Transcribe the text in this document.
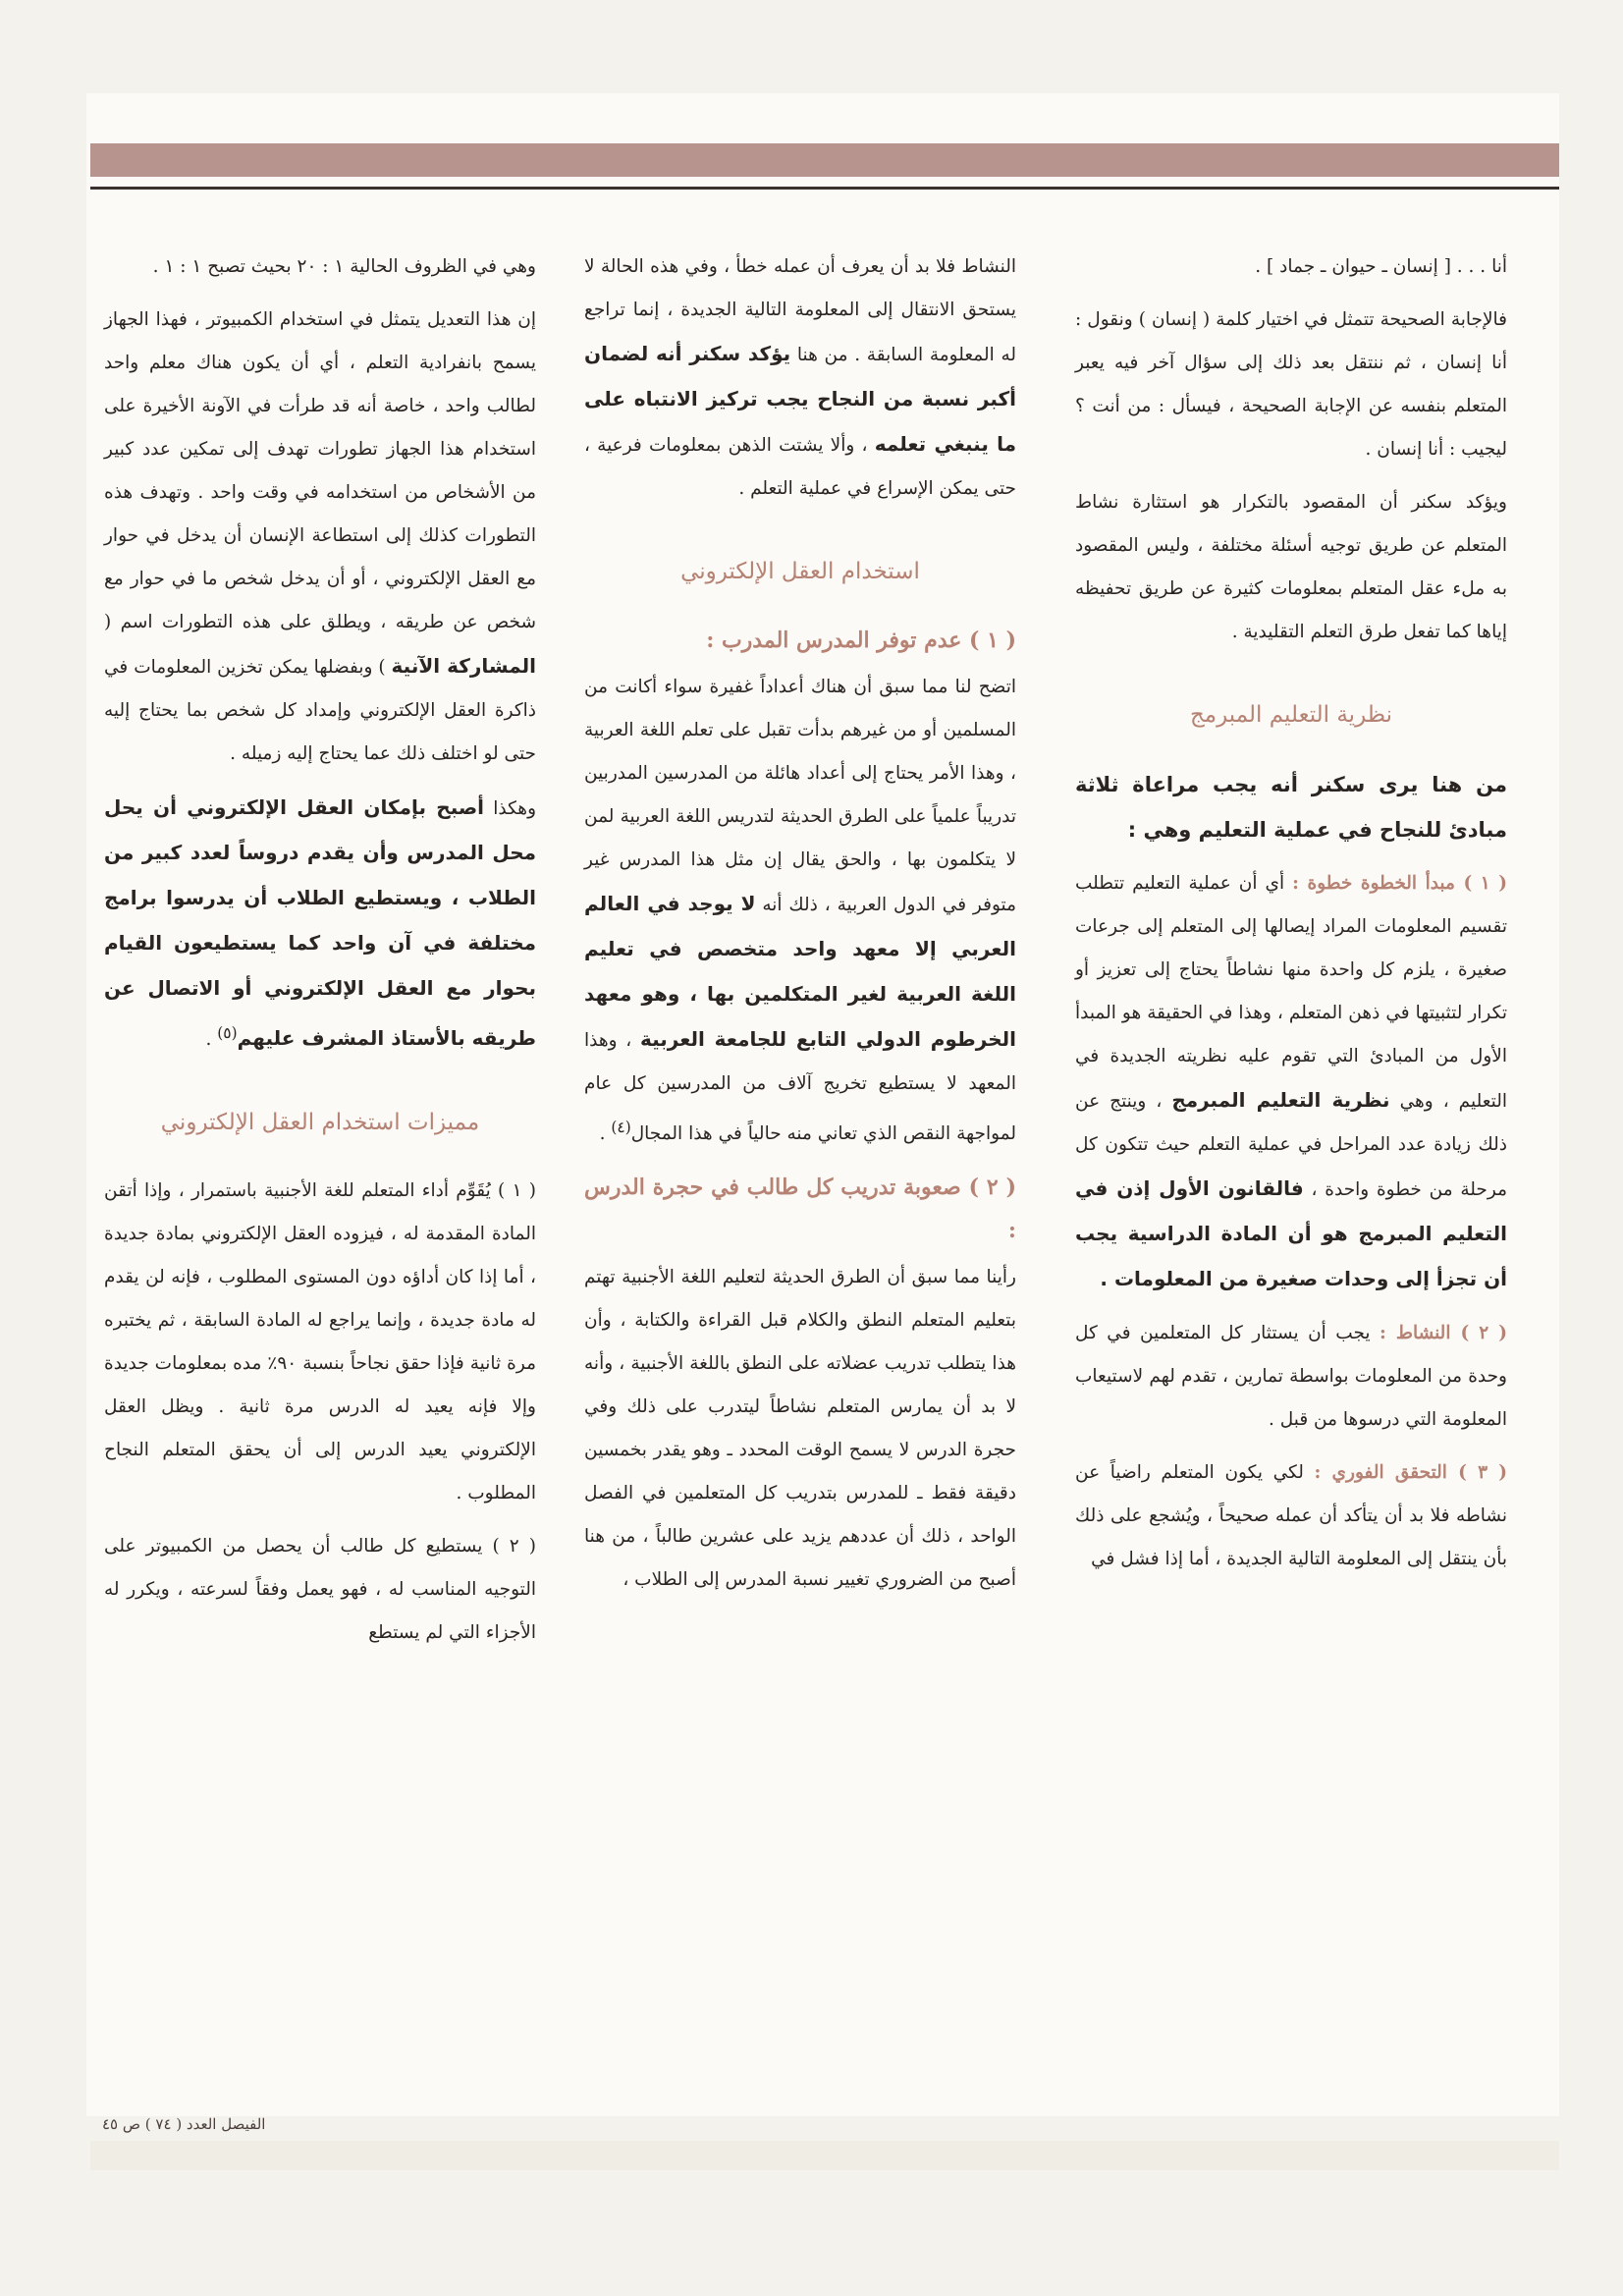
أنا . . . [ إنسان ـ حيوان ـ جماد ] .

فالإجابة الصحيحة تتمثل في اختيار كلمة ( إنسان ) ونقول : أنا إنسان ، ثم ننتقل بعد ذلك إلى سؤال آخر فيه يعبر المتعلم بنفسه عن الإجابة الصحيحة ، فيسأل : من أنت ؟ ليجيب : أنا إنسان .

ويؤكد سكنر أن المقصود بالتكرار هو استثارة نشاط المتعلم عن طريق توجيه أسئلة مختلفة ، وليس المقصود به ملء عقل المتعلم بمعلومات كثيرة عن طريق تحفيظه إياها كما تفعل طرق التعلم التقليدية .

نظرية التعليم المبرمج

من هنا يرى سكنر أنه يجب مراعاة ثلاثة مبادئ للنجاح في عملية التعليم وهي :

( ١ ) مبدأ الخطوة خطوة : أي أن عملية التعليم تتطلب تقسيم المعلومات المراد إيصالها إلى المتعلم إلى جرعات صغيرة ، يلزم كل واحدة منها نشاطاً يحتاج إلى تعزيز أو تكرار لتثبيتها في ذهن المتعلم ، وهذا في الحقيقة هو المبدأ الأول من المبادئ التي تقوم عليه نظريته الجديدة في التعليم ، وهي نظرية التعليم المبرمج ، وينتج عن ذلك زيادة عدد المراحل في عملية التعلم حيث تتكون كل مرحلة من خطوة واحدة ، فالقانون الأول إذن في التعليم المبرمج هو أن المادة الدراسية يجب أن تجزأ إلى وحدات صغيرة من المعلومات .

( ٢ ) النشاط : يجب أن يستثار كل المتعلمين في كل وحدة من المعلومات بواسطة تمارين ، تقدم لهم لاستيعاب المعلومة التي درسوها من قبل .

( ٣ ) التحقق الفوري : لكي يكون المتعلم راضياً عن نشاطه فلا بد أن يتأكد أن عمله صحيحاً ، ويُشجع على ذلك بأن ينتقل إلى المعلومة التالية الجديدة ، أما إذا فشل في

النشاط فلا بد أن يعرف أن عمله خطأ ، وفي هذه الحالة لا يستحق الانتقال إلى المعلومة التالية الجديدة ، إنما تراجع له المعلومة السابقة . من هنا يؤكد سكنر أنه لضمان أكبر نسبة من النجاح يجب تركيز الانتباه على ما ينبغي تعلمه ، وألا يشتت الذهن بمعلومات فرعية ، حتى يمكن الإسراع في عملية التعلم .

استخدام العقل الإلكتروني
( ١ ) عدم توفر المدرس المدرب :

اتضح لنا مما سبق أن هناك أعداداً غفيرة سواء أكانت من المسلمين أو من غيرهم بدأت تقبل على تعلم اللغة العربية ، وهذا الأمر يحتاج إلى أعداد هائلة من المدرسين المدربين تدريباً علمياً على الطرق الحديثة لتدريس اللغة العربية لمن لا يتكلمون بها ، والحق يقال إن مثل هذا المدرس غير متوفر في الدول العربية ، ذلك أنه لا يوجد في العالم العربي إلا معهد واحد متخصص في تعليم اللغة العربية لغير المتكلمين بها ، وهو معهد الخرطوم الدولي التابع للجامعة العربية ، وهذا المعهد لا يستطيع تخريج آلاف من المدرسين كل عام لمواجهة النقص الذي تعاني منه حالياً في هذا المجال$^{(٤)}$ .

( ٢ ) صعوبة تدريب كل طالب في حجرة الدرس :

رأينا مما سبق أن الطرق الحديثة لتعليم اللغة الأجنبية تهتم بتعليم المتعلم النطق والكلام قبل القراءة والكتابة ، وأن هذا يتطلب تدريب عضلاته على النطق باللغة الأجنبية ، وأنه لا بد أن يمارس المتعلم نشاطاً ليتدرب على ذلك وفي حجرة الدرس لا يسمح الوقت المحدد ـ وهو يقدر بخمسين دقيقة فقط ـ للمدرس بتدريب كل المتعلمين في الفصل الواحد ، ذلك أن عددهم يزيد على عشرين طالباً ، من هنا أصبح من الضروري تغيير نسبة المدرس إلى الطلاب ،

وهي في الظروف الحالية ١ : ٢٠ بحيث تصبح ١ : ١ .

إن هذا التعديل يتمثل في استخدام الكمبيوتر ، فهذا الجهاز يسمح بانفرادية التعلم ، أي أن يكون هناك معلم واحد لطالب واحد ، خاصة أنه قد طرأت في الآونة الأخيرة على استخدام هذا الجهاز تطورات تهدف إلى تمكين عدد كبير من الأشخاص من استخدامه في وقت واحد . وتهدف هذه التطورات كذلك إلى استطاعة الإنسان أن يدخل في حوار مع العقل الإلكتروني ، أو أن يدخل شخص ما في حوار مع شخص عن طريقه ، ويطلق على هذه التطورات اسم ( المشاركة الآنية ) وبفضلها يمكن تخزين المعلومات في ذاكرة العقل الإلكتروني وإمداد كل شخص بما يحتاج إليه حتى لو اختلف ذلك عما يحتاج إليه زميله .

وهكذا أصبح بإمكان العقل الإلكتروني أن يحل محل المدرس وأن يقدم دروساً لعدد كبير من الطلاب ، ويستطيع الطلاب أن يدرسوا برامج مختلفة في آن واحد كما يستطيعون القيام بحوار مع العقل الإلكتروني أو الاتصال عن طريقه بالأستاذ المشرف عليهم$^{(٥)}$ .

مميزات استخدام العقل الإلكتروني

( ١ ) يُقَوِّم أداء المتعلم للغة الأجنبية باستمرار ، وإذا أتقن المادة المقدمة له ، فيزوده العقل الإلكتروني بمادة جديدة ، أما إذا كان أداؤه دون المستوى المطلوب ، فإنه لن يقدم له مادة جديدة ، وإنما يراجع له المادة السابقة ، ثم يختبره مرة ثانية فإذا حقق نجاحاً بنسبة ٩٠٪ مده بمعلومات جديدة وإلا فإنه يعيد له الدرس مرة ثانية . ويظل العقل الإلكتروني يعيد الدرس إلى أن يحقق المتعلم النجاح المطلوب .

( ٢ ) يستطيع كل طالب أن يحصل من الكمبيوتر على التوجيه المناسب له ، فهو يعمل وفقاً لسرعته ، ويكرر له الأجزاء التي لم يستطع

الفيصل العدد ( ٧٤ ) ص ٤٥
